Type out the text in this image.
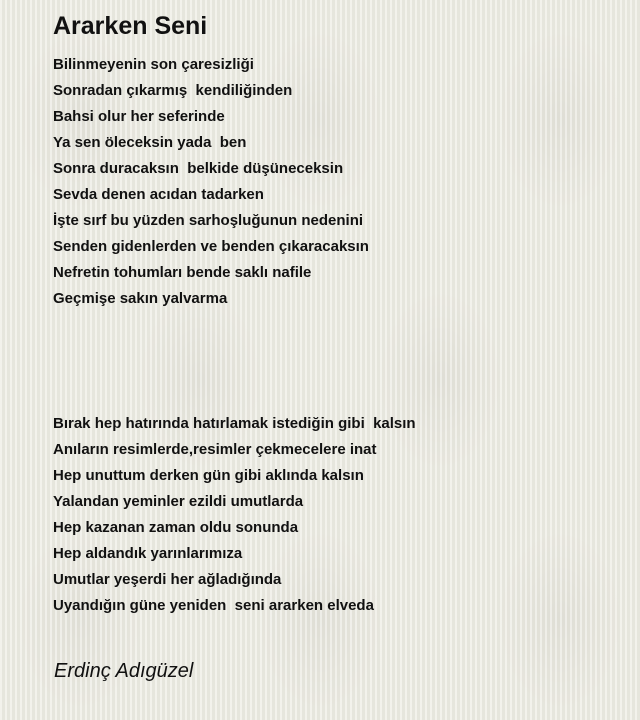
Ararken Seni
Bilinmeyenin son çaresizliği
Sonradan çıkarmış  kendiliğinden
Bahsi olur her seferinde
Ya sen öleceksin yada  ben
Sonra duracaksın  belkide düşüneceksin
Sevda denen acıdan tadarken
İşte sırf bu yüzden sarhoşluğunun nedenini
Senden gidenlerden ve benden çıkaracaksın
Nefretin tohumları bende saklı nafile
Geçmişe sakın yalvarma
Bırak hep hatırında hatırlamak istediğin gibi  kalsın
Anıların resimlerde,resimler çekmecelere inat
Hep unuttum derken gün gibi aklında kalsın
Yalandan yeminler ezildi umutlarda
Hep kazanan zaman oldu sonunda
Hep aldandık yarınlarımıza
Umutlar yeşerdi her ağladığında
Uyandığın güne yeniden  seni ararken elveda
Erdinç Adıgüzel
